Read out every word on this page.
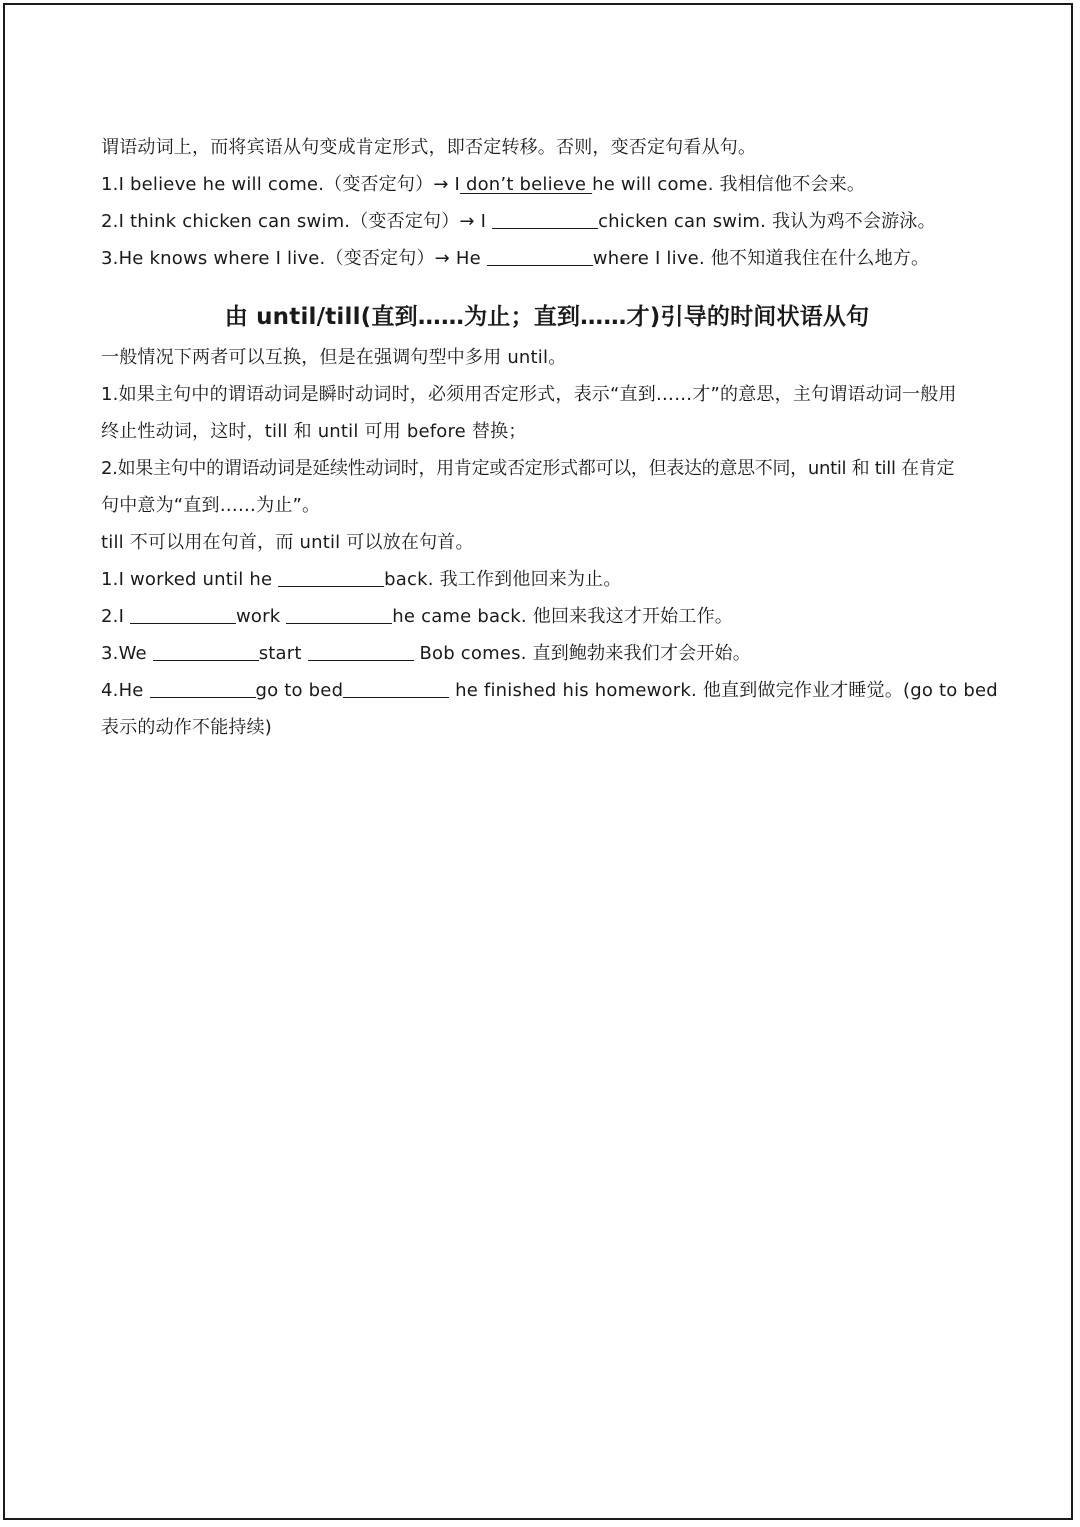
谓语动词上，而将宾语从句变成肯定形式，即否定转移。否则，变否定句看从句。
1.I believe he will come.（变否定句）→ I don’t believe he will come. 我相信他不会来。
2.I think chicken can swim.（变否定句）→ I	chicken can swim. 我认为鸡不会游泳。
3.He knows where I live.（变否定句）→ He	where I live. 他不知道我住在什么地方。
由 until/till(直到……为止；直到……才)引导的时间状语从句
一般情况下两者可以互换，但是在强调句型中多用 until。
1.如果主句中的谓语动词是瞬时动词时，必须用否定形式，表示“直到……才”的意思，主句谓语动词一般用
终止性动词，这时，till 和 until 可用 before 替换；
2.如果主句中的谓语动词是延续性动词时，用肯定或否定形式都可以，但表达的意思不同，until 和 till 在肯定
句中意为“直到……为止”。
till 不可以用在句首，而 until 可以放在句首。
1.I worked until he	back. 我工作到他回来为止。
2.I	work	he came back. 他回来我这才开始工作。
3.We	start	Bob comes. 直到鲍勃来我们才会开始。
4.He	go to bed	he finished his homework. 他直到做完作业才睡觉。(go to bed
表示的动作不能持续)
